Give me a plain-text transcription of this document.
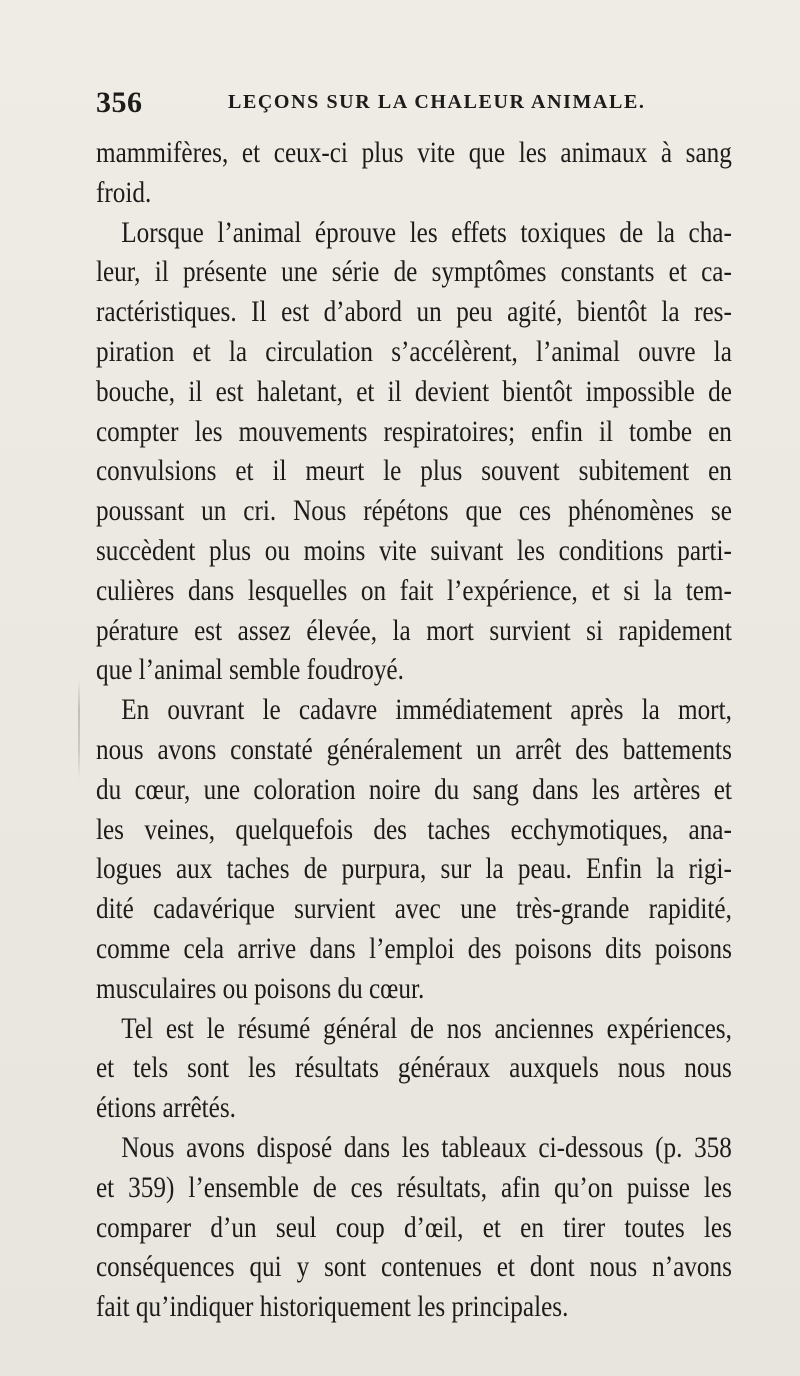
356	LEÇONS SUR LA CHALEUR ANIMALE.
mammifères, et ceux-ci plus vite que les animaux à sang
froid.
Lorsque l’animal éprouve les effets toxiques de la cha-
leur, il présente une série de symptômes constants et ca-
ractéristiques. Il est d’abord un peu agité, bientôt la res-
piration et la circulation s’accélèrent, l’animal ouvre la
bouche, il est haletant, et il devient bientôt impossible de
compter les mouvements respiratoires; enfin il tombe en
convulsions et il meurt le plus souvent subitement en
poussant un cri. Nous répétons que ces phénomènes se
succèdent plus ou moins vite suivant les conditions parti-
culières dans lesquelles on fait l’expérience, et si la tem-
pérature est assez élevée, la mort survient si rapidement
que l’animal semble foudroyé.
En ouvrant le cadavre immédiatement après la mort,
nous avons constaté généralement un arrêt des battements
du cœur, une coloration noire du sang dans les artères et
les veines, quelquefois des taches ecchymotiques, ana-
logues aux taches de purpura, sur la peau. Enfin la rigi-
dité cadavérique survient avec une très-grande rapidité,
comme cela arrive dans l’emploi des poisons dits poisons
musculaires ou poisons du cœur.
Tel est le résumé général de nos anciennes expériences,
et tels sont les résultats généraux auxquels nous nous
étions arrêtés.
Nous avons disposé dans les tableaux ci-dessous (p. 358
et 359) l’ensemble de ces résultats, afin qu’on puisse les
comparer d’un seul coup d’œil, et en tirer toutes les
conséquences qui y sont contenues et dont nous n’avons
fait qu’indiquer historiquement les principales.
